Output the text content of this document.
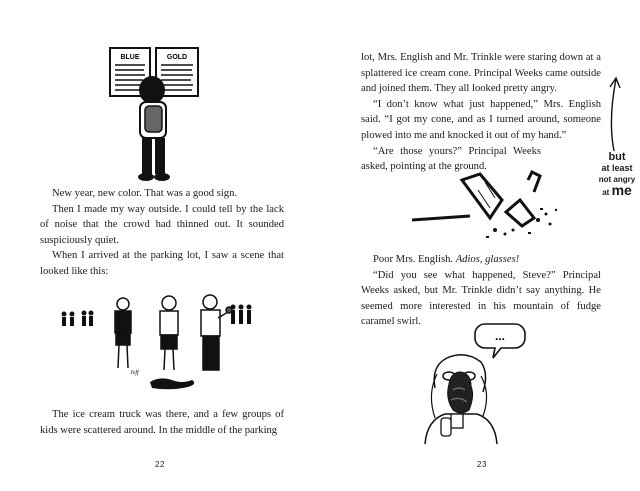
BLUE	GOLD

New year, new color. That was a good sign.

Then I made my way outside. I could tell by the lack of noise that the crowd had thinned out. It sounded suspiciously quiet.

When I arrived at the parking lot, I saw a scene that looked like this:

Jeff

The ice cream truck was there, and a few groups of kids were scattered around. In the middle of the parking

22

lot, Mrs. English and Mr. Trinkle were staring down at a splattered ice cream cone. Principal Weeks came outside and joined them. They all looked pretty angry.

“I don’t know what just happened,” Mrs. English said. “I got my cone, and as I turned around, someone plowed into me and knocked it out of my hand.”

“Are those yours?” Principal Weeks asked, pointing at the ground.

but
at least
not angry
at me

Poor Mrs. English. Adios, glasses!

“Did you see what happened, Steve?” Principal Weeks asked, but Mr. Trinkle didn’t say anything. He seemed more interested in his mountain of fudge caramel swirl.

...
23
